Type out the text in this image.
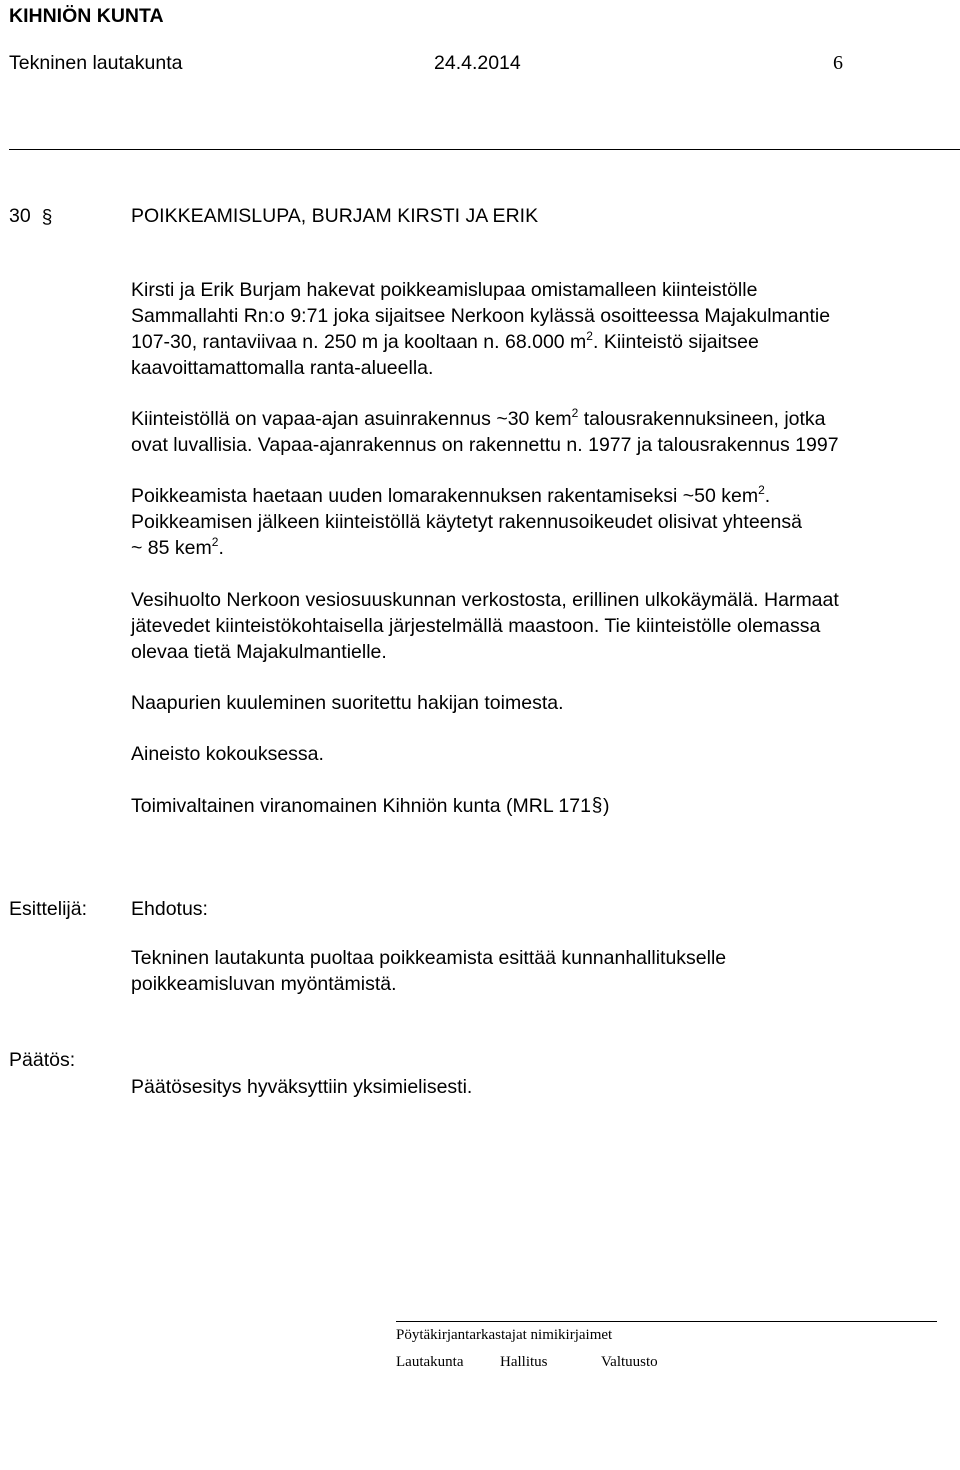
KIHNIÖN KUNTA
Tekninen lautakunta	24.4.2014	6
30 §	POIKKEAMISLUPA, BURJAM KIRSTI JA ERIK
Kirsti ja Erik Burjam hakevat poikkeamislupaa omistamalleen kiinteistölle
Sammallahti Rn:o 9:71 joka sijaitsee Nerkoon kylässä osoitteessa Majakulmantie
107-30, rantaviivaa n. 250 m ja kooltaan n. 68.000 $m^2$. Kiinteistö sijaitsee
kaavoittamattomalla ranta-alueella.
Kiinteistöllä on vapaa-ajan asuinrakennus ~30 kem$^2$ talousrakennuksineen, jotka
ovat luvallisia. Vapaa-ajanrakennus on rakennettu n. 1977 ja talousrakennus 1997
Poikkeamista haetaan uuden lomarakennuksen rakentamiseksi ~50 kem$^2$.
Poikkeamisen jälkeen kiinteistöllä käytetyt rakennusoikeudet olisivat yhteensä
~ 85 kem$^2$.
Vesihuolto Nerkoon vesiosuuskunnan verkostosta, erillinen ulkokäymälä. Harmaat
jätevedet kiinteistökohtaisella järjestelmällä maastoon. Tie kiinteistölle olemassa
olevaa tietä Majakulmantielle.
Naapurien kuuleminen suoritettu hakijan toimesta.
Aineisto kokouksessa.
Toimivaltainen viranomainen Kihniön kunta (MRL 171 § )
Esittelijä: Ehdotus:
Tekninen lautakunta puoltaa poikkeamista esittää kunnanhallitukselle
poikkeamisluvan myöntämistä.
Päätös:
Päätösesitys hyväksyttiin yksimielisesti.
Pöytäkirjantarkastajat nimikirjaimet
Lautakunta Hallitus	Valtuusto
